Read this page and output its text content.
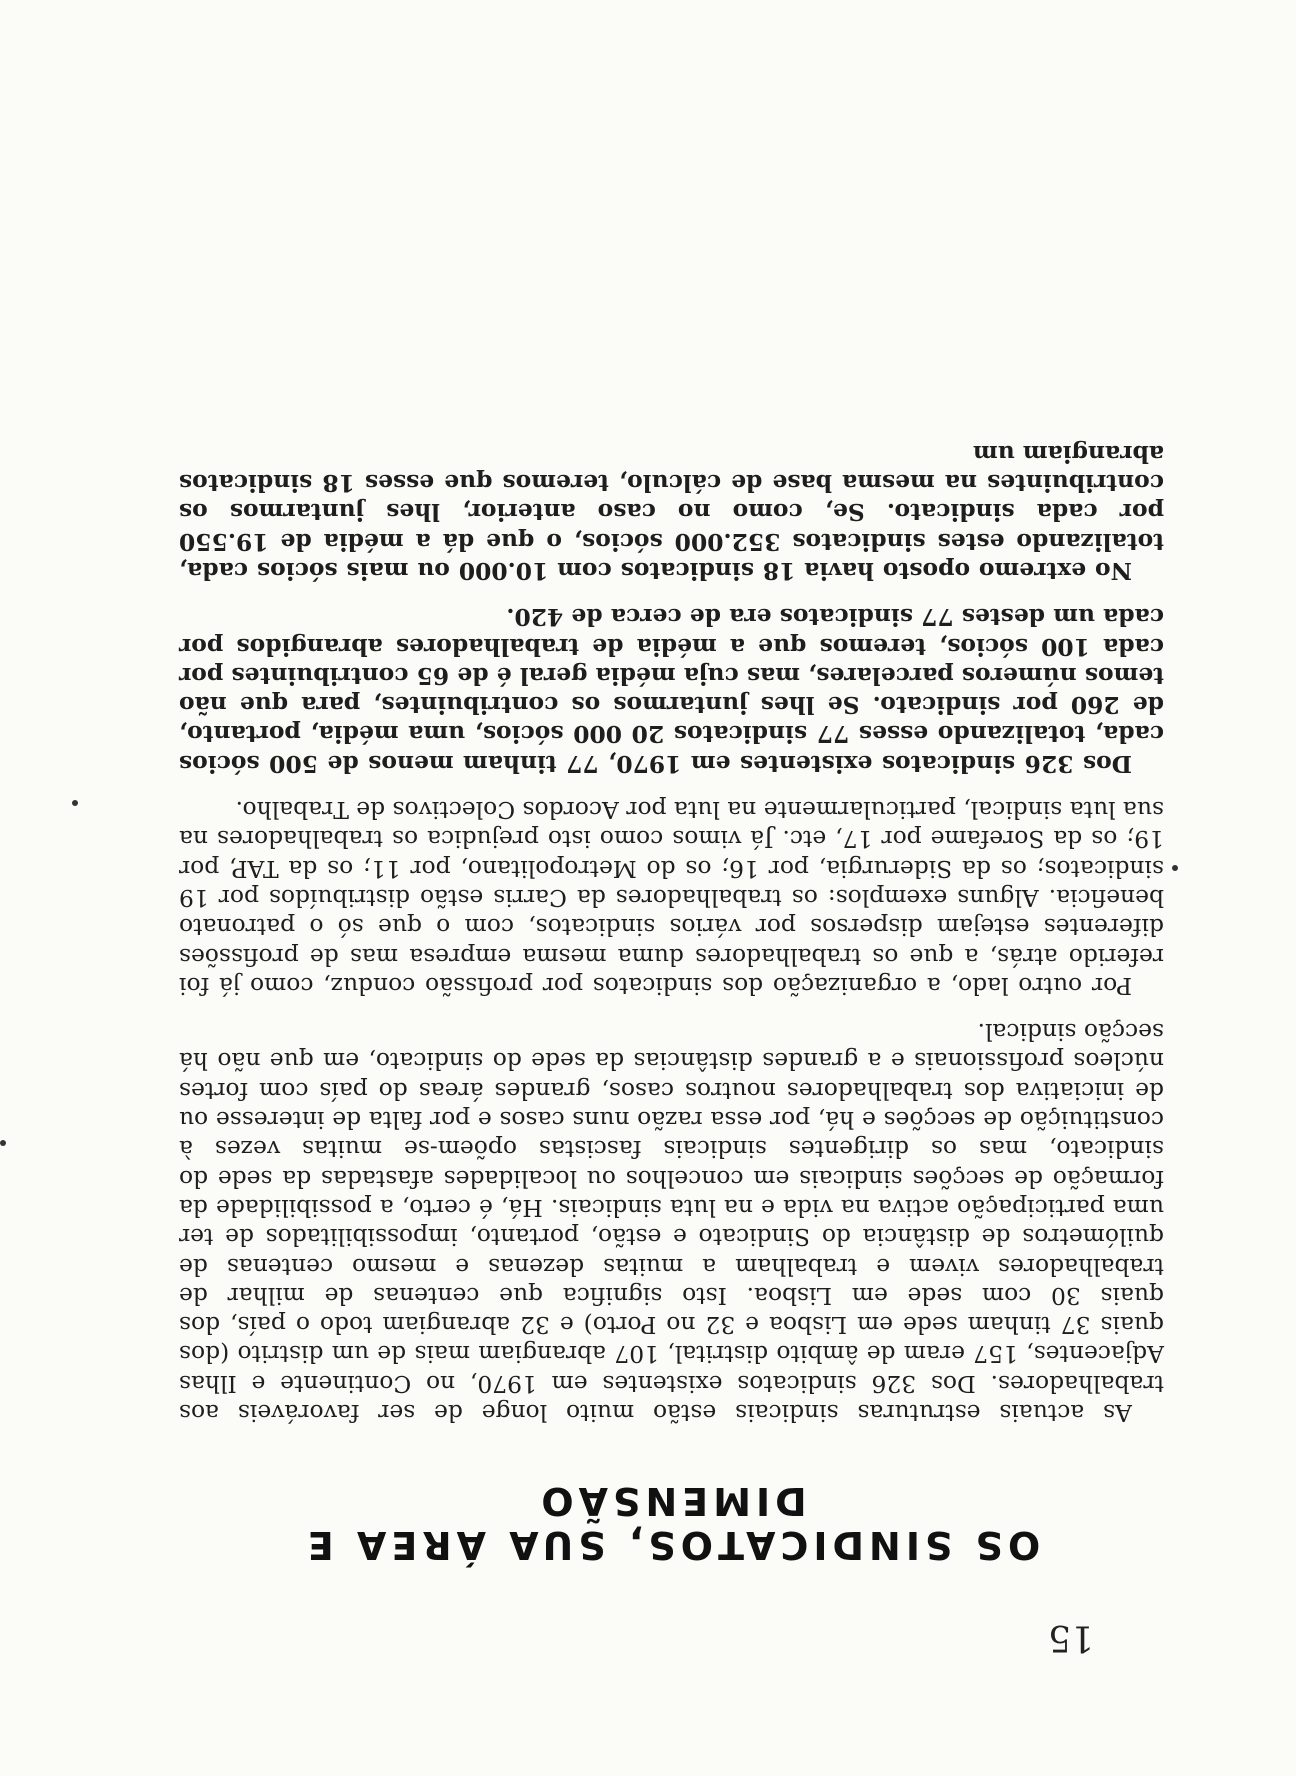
15
OS SINDICATOS, SUA ÁREA E DIMENSÃO

As actuais estruturas sindicais estão muito longe de ser favoráveis aos trabalhadores. Dos 326 sindicatos existentes em 1970, no Continente e Ilhas Adjacentes, 157 eram de âmbito distrital, 107 abrangiam mais de um distrito (dos quais 37 tinham sede em Lisboa e 32 no Porto) e 32 abrangiam todo o país, dos quais 30 com sede em Lisboa. Isto significa que centenas de milhar de trabalhadores vivem e trabalham a muitas dezenas e mesmo centenas de quilómetros de distância do Sindicato e estão, portanto, impossibilitados de ter uma participação activa na vida e na luta sindicais. Há, é certo, a possibilidade da formação de secções sindicais em concelhos ou localidades afastadas da sede do sindicato, mas os dirigentes sindicais fascistas opõem-se muitas vezes à constituição de secções e há, por essa razão nuns casos e por falta de interesse ou de iniciativa dos trabalhadores noutros casos, grandes áreas do país com fortes núcleos profissionais e a grandes distâncias da sede do sindicato, em que não há secção sindical.

Por outro lado, a organização dos sindicatos por profissão conduz, como já foi referido atrás, a que os trabalhadores duma mesma empresa mas de profissões diferentes estejam dispersos por vários sindicatos, com o que só o patronato beneficia. Alguns exemplos: os trabalhadores da Carris estão distribuídos por 19 sindicatos; os da Siderurgia, por 16; os do Metropolitano, por 11; os da TAP, por 19; os da Sorefame por 17, etc. Já vimos como isto prejudica os trabalhadores na sua luta sindical, particularmente na luta por Acordos Colectivos de Trabalho.

Dos 326 sindicatos existentes em 1970, 77 tinham menos de 500 sócios cada, totalizando esses 77 sindicatos 20 000 sócios, uma média, portanto, de 260 por sindicato. Se lhes juntarmos os contribuintes, para que não temos números parcelares, mas cuja média geral é de 65 contribuintes por cada 100 sócios, teremos que a média de trabalhadores abrangidos por cada um destes 77 sindicatos era de cerca de 420.

No extremo oposto havia 18 sindicatos com 10.000 ou mais sócios cada, totalizando estes sindicatos 352.000 sócios, o que dá a média de 19.550 por cada sindicato. Se, como no caso anterior, lhes juntarmos os contribuintes na mesma base de cálculo, teremos que esses 18 sindicatos abrangiam um
